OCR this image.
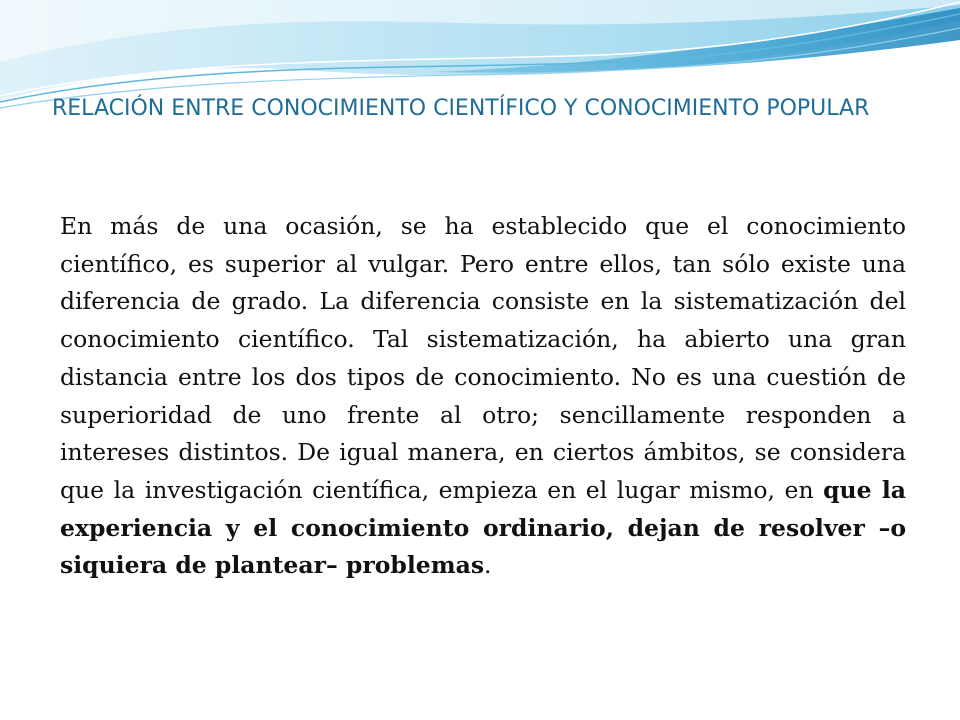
RELACIÓN ENTRE CONOCIMIENTO CIENTÍFICO Y CONOCIMIENTO POPULAR

En más de una ocasión, se ha establecido que el conocimiento científico, es superior al vulgar. Pero entre ellos, tan sólo existe una diferencia de grado. La diferencia consiste en la sistematización del conocimiento científico. Tal sistematización, ha abierto una gran distancia entre los dos tipos de conocimiento. No es una cuestión de superioridad de uno frente al otro; sencillamente responden a intereses distintos. De igual manera, en ciertos ámbitos, se considera que la investigación científica, empieza en el lugar mismo, en que la experiencia y el conocimiento ordinario, dejan de resolver –o siquiera de plantear– problemas.
